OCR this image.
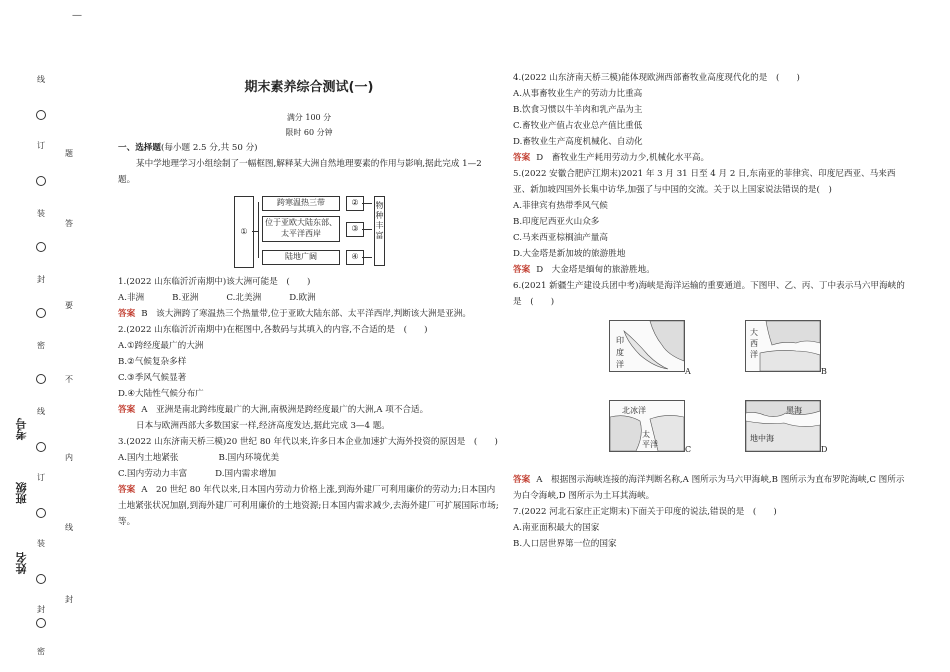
—
线
订
装
封
密
线
订
装
封
密
题
答
要
不
内
线
封
考号
班级
姓名
期末素养综合测试(一)
满分 100 分
限时 60 分钟

一、选择题(每小题 2.5 分,共 50 分)

某中学地理学习小组绘制了一幅框图,解释某大洲自然地理要素的作用与影响,据此完成 1—2 题。

①
跨寒温热三带
位于亚欧大陆东部、太平洋西岸
陆地广阔
②
③
④
物种丰富

1.(2022 山东临沂沂南期中)该大洲可能是　(　　)

A.非洲	B.亚洲	C.北美洲	D.欧洲

答案 B　该大洲跨了寒温热三个热量带,位于亚欧大陆东部、太平洋西岸,判断该大洲是亚洲。

2.(2022 山东临沂沂南期中)在框图中,各数码与其填入的内容,不合适的是　(　　)

A.①跨经度最广的大洲

B.②气候复杂多样

C.③季风气候显著

D.④大陆性气候分布广

答案 A　亚洲是南北跨纬度最广的大洲,南极洲是跨经度最广的大洲,A 项不合适。

日本与欧洲西部大多数国家一样,经济高度发达,据此完成 3—4 题。

3.(2022 山东济南天桥三模)20 世纪 80 年代以来,许多日本企业加速扩大海外投资的原因是　(　　)

A.国内土地紧张	B.国内环境优美
C.国内劳动力丰富	D.国内需求增加

答案 A　20 世纪 80 年代以来,日本国内劳动力价格上涨,到海外建厂可利用廉价的劳动力;日本国内土地紧张状况加剧,到海外建厂可利用廉价的土地资源;日本国内需求减少,去海外建厂可扩展国际市场;等。

4.(2022 山东济南天桥三模)能体现欧洲西部畜牧业高度现代化的是　(　　)

A.从事畜牧业生产的劳动力比重高

B.饮食习惯以牛羊肉和乳产品为主

C.畜牧业产值占农业总产值比重低

D.畜牧业生产高度机械化、自动化

答案 D　畜牧业生产耗用劳动力少,机械化水平高。

5.(2022 安徽合肥庐江期末)2021 年 3 月 31 日至 4 月 2 日,东南亚的菲律宾、印度尼西亚、马来西亚、新加坡四国外长集中访华,加强了与中国的交流。关于以上国家说法错误的是(　)

A.菲律宾有热带季风气候

B.印度尼西亚火山众多

C.马来西亚棕榈油产量高

D.大金塔是新加坡的旅游胜地

答案 D　大金塔是缅甸的旅游胜地。

6.(2021 新疆生产建设兵团中考)海峡是海洋运输的重要通道。下图甲、乙、丙、丁中表示马六甲海峡的是　(　　)

印
度
洋
A
大
西
洋
B
北冰洋
太
平洋
C
黑海
地中海
D

答案 A　根据图示海峡连接的海洋判断名称,A 图所示为马六甲海峡,B 图所示为直布罗陀海峡,C 图所示为白令海峡,D 图所示为土耳其海峡。

7.(2022 河北石家庄正定期末)下面关于印度的说法,错误的是　(　　)

A.南亚面积最大的国家

B.人口居世界第一位的国家
